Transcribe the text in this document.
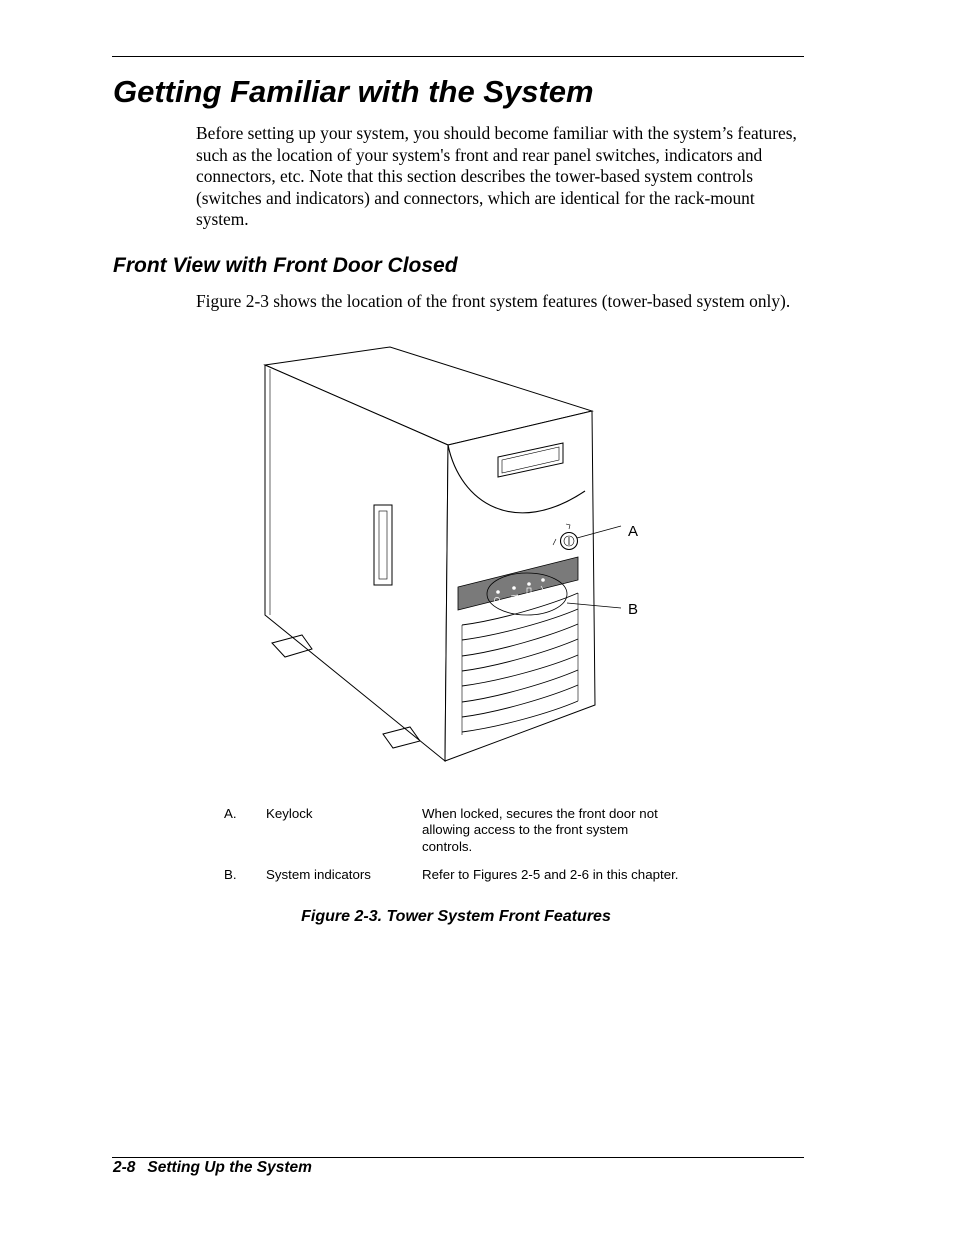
Getting Familiar with the System

Before setting up your system, you should become familiar with the system’s features, such as the location of your system's front and rear panel switches, indicators and connectors, etc. Note that this section describes the tower-based system controls (switches and indicators) and connectors, which are identical for the rack-mount system.

Front View with Front Door Closed

Figure 2-3 shows the location of the front system features (tower-based system only).

A
B
A. Keylock	When locked, secures the front door not allowing access to the front system controls.
B. System indicators	Refer to Figures 2-5 and 2-6 in this chapter.
Figure 2-3. Tower System Front Features
2-8 Setting Up the System
